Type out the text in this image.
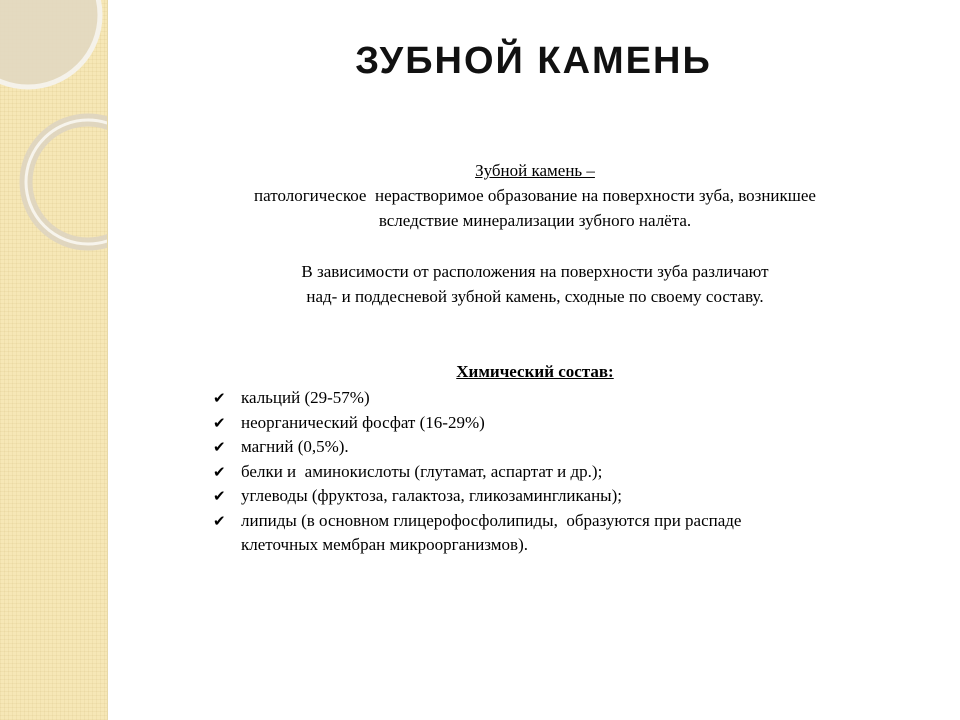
ЗУБНОЙ КАМЕНЬ
Зубной камень –
патологическое  нерастворимое образование на поверхности зуба, возникшее
вследствие минерализации зубного налёта.
В зависимости от расположения на поверхности зуба различают
над- и поддесневой зубной камень, сходные по своему составу.
Химический состав:
✔ кальций (29-57%)
✔ неорганический фосфат (16-29%)
✔ магний (0,5%).
✔ белки и  аминокислоты (глутамат, аспартат и др.);
✔ углеводы (фруктоза, галактоза, гликозамингликаны);
✔ липиды (в основном глицерофосфолипиды,  образуются при распаде
клеточных мембран микроорганизмов).
